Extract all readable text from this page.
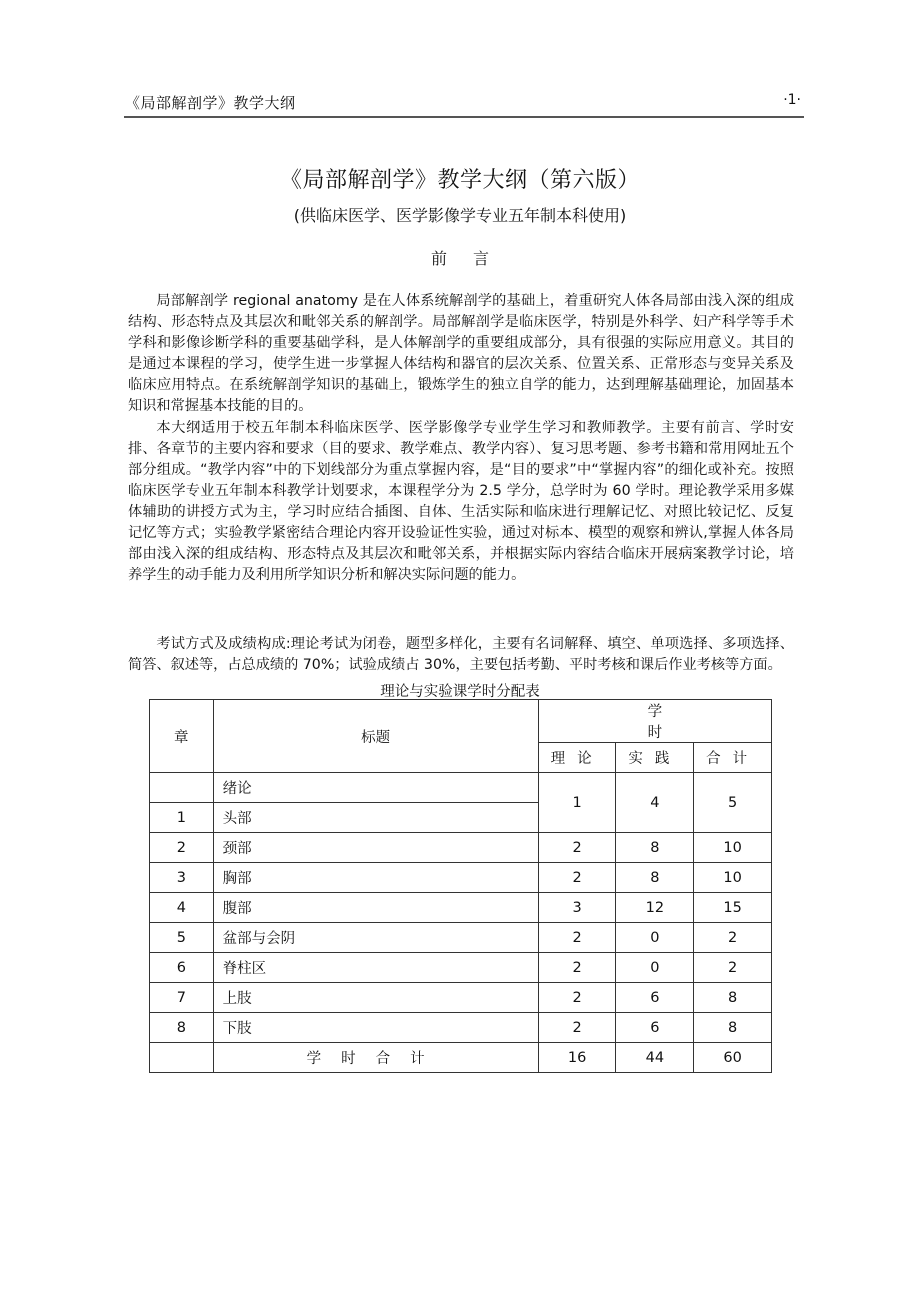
《局部解剖学》教学大纲	·1·
《局部解剖学》教学大纲（第六版）
(供临床医学、医学影像学专业五年制本科使用)
前言

局部解剖学 regional anatomy 是在人体系统解剖学的基础上，着重研究人体各局部由浅入深的组成结构、形态特点及其层次和毗邻关系的解剖学。局部解剖学是临床医学，特别是外科学、妇产科学等手术学科和影像诊断学科的重要基础学科，是人体解剖学的重要组成部分，具有很强的实际应用意义。其目的是通过本课程的学习，使学生进一步掌握人体结构和器官的层次关系、位置关系、正常形态与变异关系及临床应用特点。在系统解剖学知识的基础上，锻炼学生的独立自学的能力，达到理解基础理论，加固基本知识和常握基本技能的目的。

本大纲适用于校五年制本科临床医学、医学影像学专业学生学习和教师教学。主要有前言、学时安排、各章节的主要内容和要求（目的要求、教学难点、教学内容）、复习思考题、参考书籍和常用网址五个部分组成。“教学内容”中的下划线部分为重点掌握内容，是“目的要求”中“掌握内容”的细化或补充。按照临床医学专业五年制本科教学计划要求，本课程学分为 2.5 学分，总学时为 60 学时。理论教学采用多媒体辅助的讲授方式为主，学习时应结合插图、自体、生活实际和临床进行理解记忆、对照比较记忆、反复记忆等方式；实验教学紧密结合理论内容开设验证性实验，通过对标本、模型的观察和辨认,掌握人体各局部由浅入深的组成结构、形态特点及其层次和毗邻关系，并根据实际内容结合临床开展病案教学讨论，培养学生的动手能力及利用所学知识分析和解决实际问题的能力。

考试方式及成绩构成:理论考试为闭卷，题型多样化，主要有名词解释、填空、单项选择、多项选择、简答、叙述等，占总成绩的 70%；试验成绩占 30%，主要包括考勤、平时考核和课后作业考核等方面。

理论与实验课学时分配表
章	标题	学时		
		理论	实践	合计
	绪论	1	4	5
1	头部			
2	颈部	2	8	10
3	胸部	2	8	10
4	腹部	3	12	15
5	盆部与会阴	2	0	2
6	脊柱区	2	0	2
7	上肢	2	6	8
8	下肢	2	6	8
	学时合计	16	44	60
